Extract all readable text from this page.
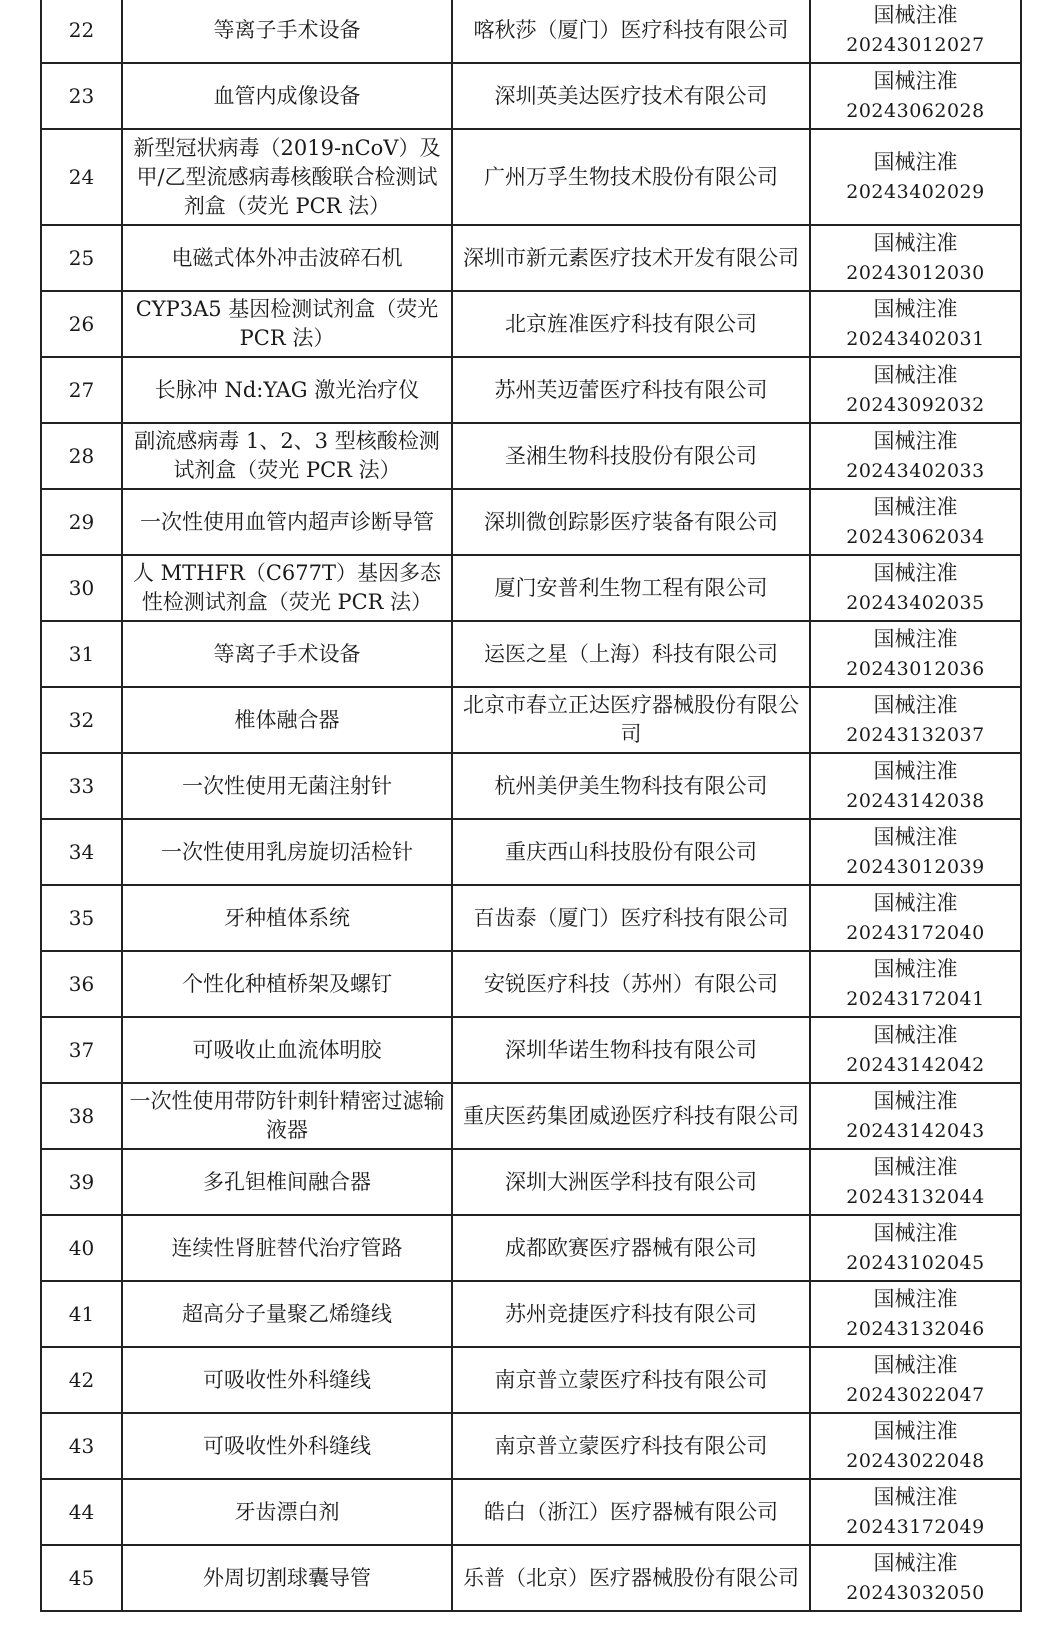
22	等离子手术设备	喀秋莎（厦门）医疗科技有限公司	国械注准
20243012027

23	血管内成像设备	深圳英美达医疗技术有限公司	国械注准
20243062028

24	新型冠状病毒（2019-nCoV）及甲/乙型流感病毒核酸联合检测试剂盒（荧光 PCR 法）	广州万孚生物技术股份有限公司	国械注准
20243402029

25	电磁式体外冲击波碎石机	深圳市新元素医疗技术开发有限公司	国械注准
20243012030

26	CYP3A5 基因检测试剂盒（荧光 PCR 法）	北京旌准医疗科技有限公司	国械注准
20243402031

27	长脉冲 Nd:YAG 激光治疗仪	苏州芙迈蕾医疗科技有限公司	国械注准
20243092032

28	副流感病毒 1、2、3 型核酸检测试剂盒（荧光 PCR 法）	圣湘生物科技股份有限公司	国械注准
20243402033

29	一次性使用血管内超声诊断导管	深圳微创踪影医疗装备有限公司	国械注准
20243062034

30	人 MTHFR（C677T）基因多态性检测试剂盒（荧光 PCR 法）	厦门安普利生物工程有限公司	国械注准
20243402035

31	等离子手术设备	运医之星（上海）科技有限公司	国械注准
20243012036

32	椎体融合器	北京市春立正达医疗器械股份有限公司	国械注准
20243132037

33	一次性使用无菌注射针	杭州美伊美生物科技有限公司	国械注准
20243142038

34	一次性使用乳房旋切活检针	重庆西山科技股份有限公司	国械注准
20243012039

35	牙种植体系统	百齿泰（厦门）医疗科技有限公司	国械注准
20243172040

36	个性化种植桥架及螺钉	安锐医疗科技（苏州）有限公司	国械注准
20243172041

37	可吸收止血流体明胶	深圳华诺生物科技有限公司	国械注准
20243142042

38	一次性使用带防针刺针精密过滤输液器	重庆医药集团威逊医疗科技有限公司	国械注准
20243142043

39	多孔钽椎间融合器	深圳大洲医学科技有限公司	国械注准
20243132044

40	连续性肾脏替代治疗管路	成都欧赛医疗器械有限公司	国械注准
20243102045

41	超高分子量聚乙烯缝线	苏州竞捷医疗科技有限公司	国械注准
20243132046

42	可吸收性外科缝线	南京普立蒙医疗科技有限公司	国械注准
20243022047

43	可吸收性外科缝线	南京普立蒙医疗科技有限公司	国械注准
20243022048

44	牙齿漂白剂	皓白（浙江）医疗器械有限公司	国械注准
20243172049

45	外周切割球囊导管	乐普（北京）医疗器械股份有限公司	国械注准
20243032050
